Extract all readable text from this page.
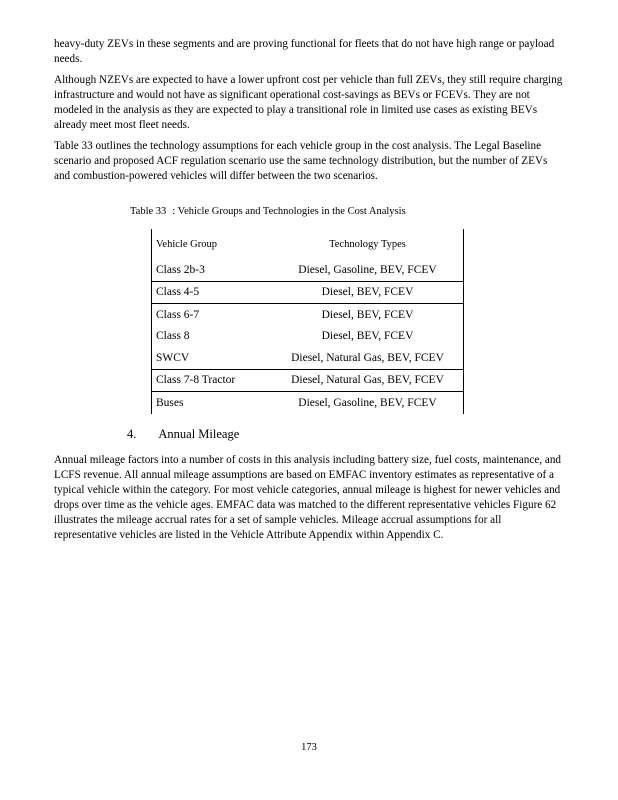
heavy-duty ZEVs in these segments and are proving functional for fleets that do not have high range or payload needs.

Although NZEVs are expected to have a lower upfront cost per vehicle than full ZEVs, they still require charging infrastructure and would not have as significant operational cost-savings as BEVs or FCEVs. They are not modeled in the analysis as they are expected to play a transitional role in limited use cases as existing BEVs already meet most fleet needs.

Table 33 outlines the technology assumptions for each vehicle group in the cost analysis. The Legal Baseline scenario and proposed ACF regulation scenario use the same technology distribution, but the number of ZEVs and combustion-powered vehicles will differ between the two scenarios.

Table 33 : Vehicle Groups and Technologies in the Cost Analysis
Vehicle Group	Technology Types
Class 2b-3	Diesel, Gasoline, BEV, FCEV
Class 4-5	Diesel, BEV, FCEV
Class 6-7	Diesel, BEV, FCEV
Class 8	Diesel, BEV, FCEV
SWCV	Diesel, Natural Gas, BEV, FCEV
Class 7-8 Tractor	Diesel, Natural Gas, BEV, FCEV
Buses	Diesel, Gasoline, BEV, FCEV
4. Annual Mileage

Annual mileage factors into a number of costs in this analysis including battery size, fuel costs, maintenance, and LCFS revenue. All annual mileage assumptions are based on EMFAC inventory estimates as representative of a typical vehicle within the category. For most vehicle categories, annual mileage is highest for newer vehicles and drops over time as the vehicle ages. EMFAC data was matched to the different representative vehicles Figure 62 illustrates the mileage accrual rates for a set of sample vehicles. Mileage accrual assumptions for all representative vehicles are listed in the Vehicle Attribute Appendix within Appendix C.

173
